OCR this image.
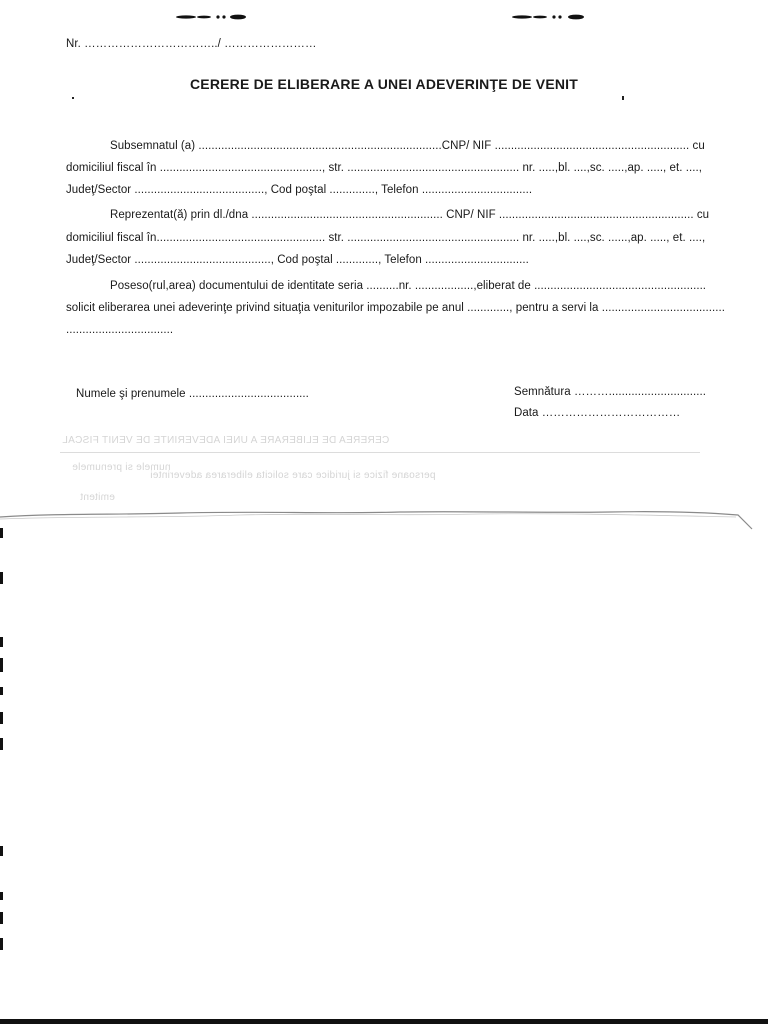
Nr. ……………………………../ ……………………
CERERE DE ELIBERARE A UNEI ADEVERINŢE DE VENIT
Subsemnatul (a) ...........................................................................CNP/ NIF ............................................................ cu
domiciliul fiscal în .................................................., str. ..................................................... nr. .....,bl. ....,sc. .....,ap. ....., et. ....,
Judeţ/Sector ........................................, Cod poştal .............., Telefon ..................................
Reprezentat(ă) prin dl./dna ........................................................... CNP/ NIF ............................................................ cu
domiciliul fiscal în.................................................... str. ..................................................... nr. .....,bl. ....,sc. ......,ap. ....., et. ....,
Judeţ/Sector .........................................., Cod poştal ............., Telefon ................................
Poseso(rul,area) documentului de identitate seria ..........nr. ..................,eliberat de .....................................................
solicit eliberarea unei adeverinţe privind situaţia veniturilor impozabile pe anul ............., pentru a servi la ......................................
.................................
Numele şi prenumele .....................................	Semnătura ………..............................
Data ………………………………
CEREREA DE ELIBERARE A UNEI ADEVERINTE DE VENIT FISCAL
numele si prenumele
persoane fizice si juridice care solicita eliberarea adeverintei
emitent
